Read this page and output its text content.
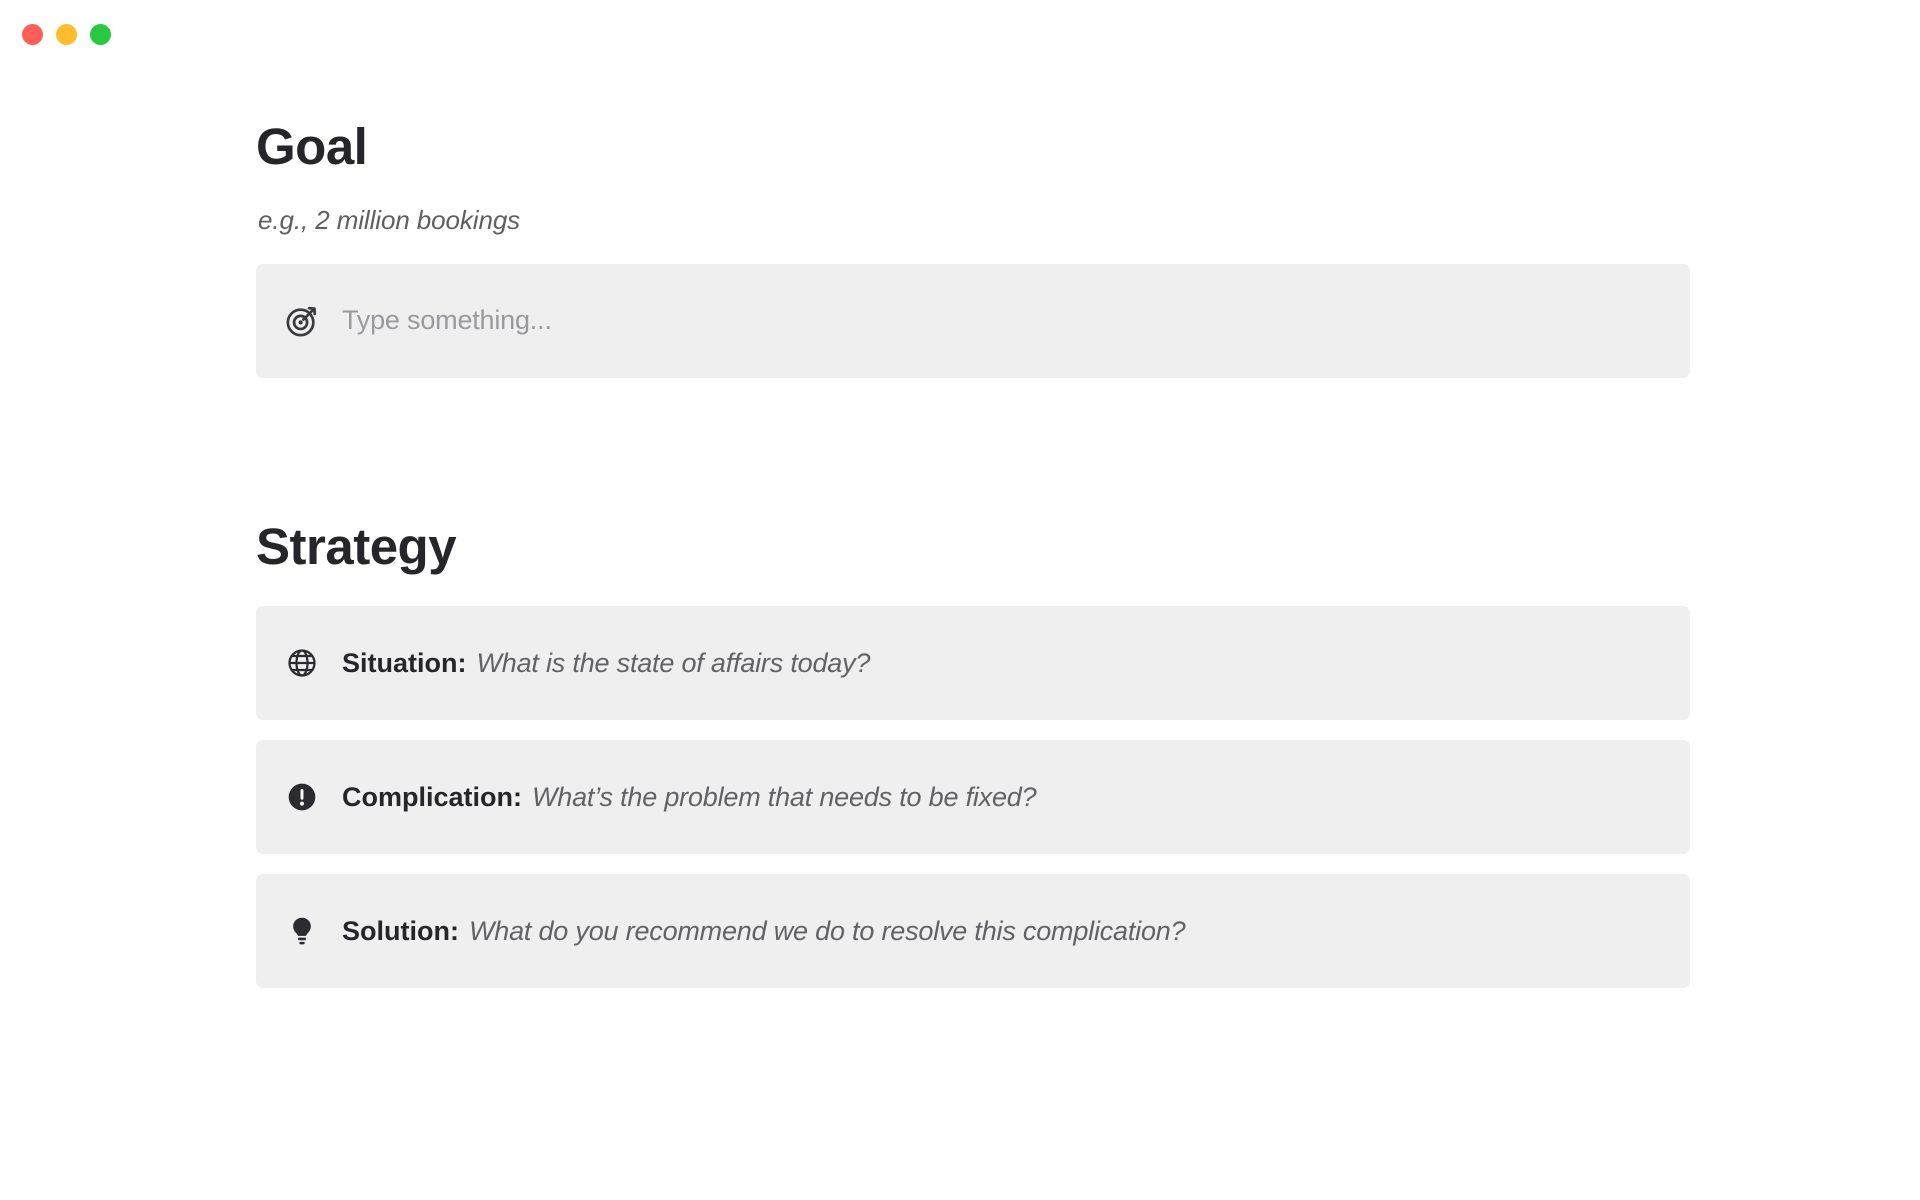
Goal
e.g., 2 million bookings
Type something...
Strategy
Situation: What is the state of affairs today?
Complication: What’s the problem that needs to be fixed?
Solution: What do you recommend we do to resolve this complication?
